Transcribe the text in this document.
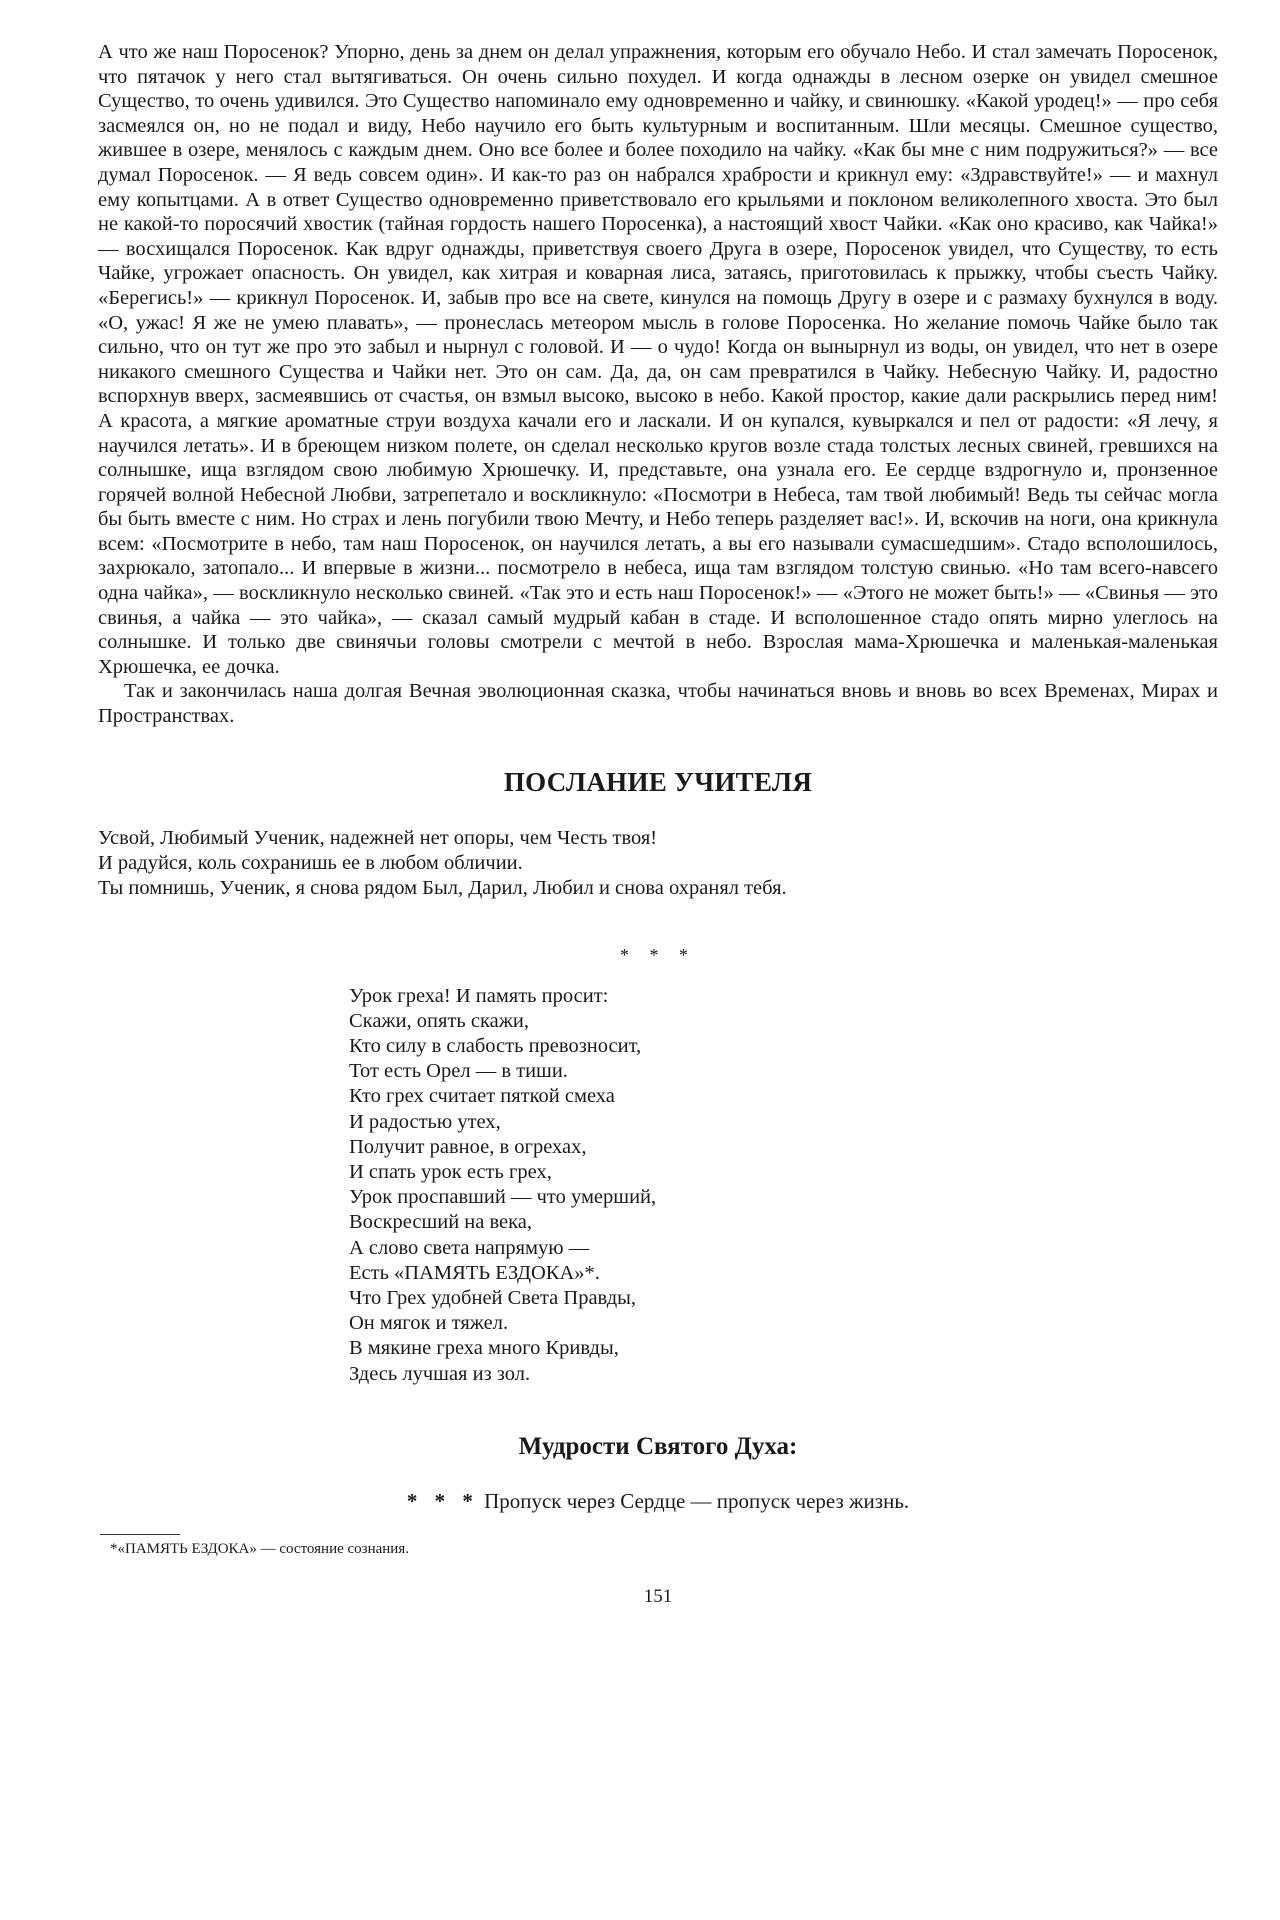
А что же наш Поросенок? Упорно, день за днем он делал упражнения, которым его обучало Небо. И стал замечать Поросенок, что пятачок у него стал вытягиваться. Он очень сильно похудел. И когда однажды в лесном озерке он увидел смешное Существо, то очень удивился. Это Существо напоминало ему одновременно и чайку, и свинюшку. «Какой уродец!» — про себя засмеялся он, но не подал и виду, Небо научило его быть культурным и воспитанным. Шли месяцы. Смешное существо, жившее в озере, менялось с каждым днем. Оно все более и более походило на чайку. «Как бы мне с ним подружиться?» — все думал Поросенок. — Я ведь совсем один». И как-то раз он набрался храбрости и крикнул ему: «Здравствуйте!» — и махнул ему копытцами. А в ответ Существо одновременно приветствовало его крыльями и поклоном великолепного хвоста. Это был не какой-то поросячий хвостик (тайная гордость нашего Поросенка), а настоящий хвост Чайки. «Как оно красиво, как Чайка!» — восхищался Поросенок. Как вдруг однажды, приветствуя своего Друга в озере, Поросенок увидел, что Существу, то есть Чайке, угрожает опасность. Он увидел, как хитрая и коварная лиса, затаясь, приготовилась к прыжку, чтобы съесть Чайку. «Берегись!» — крикнул Поросенок. И, забыв про все на свете, кинулся на помощь Другу в озере и с размаху бухнулся в воду. «О, ужас! Я же не умею плавать», — пронеслась метеором мысль в голове Поросенка. Но желание помочь Чайке было так сильно, что он тут же про это забыл и нырнул с головой. И — о чудо! Когда он вынырнул из воды, он увидел, что нет в озере никакого смешного Существа и Чайки нет. Это он сам. Да, да, он сам превратился в Чайку. Небесную Чайку. И, радостно вспорхнув вверх, засмеявшись от счастья, он взмыл высоко, высоко в небо. Какой простор, какие дали раскрылись перед ним! А красота, а мягкие ароматные струи воздуха качали его и ласкали. И он купался, кувыркался и пел от радости: «Я лечу, я научился летать». И в бреющем низком полете, он сделал несколько кругов возле стада толстых лесных свиней, гревшихся на солнышке, ища взглядом свою любимую Хрюшечку. И, представьте, она узнала его. Ее сердце вздрогнуло и, пронзенное горячей волной Небесной Любви, затрепетало и воскликнуло: «Посмотри в Небеса, там твой любимый! Ведь ты сейчас могла бы быть вместе с ним. Но страх и лень погубили твою Мечту, и Небо теперь разделяет вас!». И, вскочив на ноги, она крикнула всем: «Посмотрите в небо, там наш Поросенок, он научился летать, а вы его называли сумасшедшим». Стадо всполошилось, захрюкало, затопало... И впервые в жизни... посмотрело в небеса, ища там взглядом толстую свинью. «Но там всего-навсего одна чайка», — воскликнуло несколько свиней. «Так это и есть наш Поросенок!» — «Этого не может быть!» — «Свинья — это свинья, а чайка — это чайка», — сказал самый мудрый кабан в стаде. И всполошенное стадо опять мирно улеглось на солнышке. И только две свинячьи головы смотрели с мечтой в небо. Взрослая мама-Хрюшечка и маленькая-маленькая Хрюшечка, ее дочка.

Так и закончилась наша долгая Вечная эволюционная сказка, чтобы начинаться вновь и вновь во всех Временах, Мирах и Пространствах.

ПОСЛАНИЕ УЧИТЕЛЯ
Усвой, Любимый Ученик, надежней нет опоры, чем Честь твоя!
И радуйся, коль сохранишь ее в любом обличии.
Ты помнишь, Ученик, я снова рядом Был, Дарил, Любил и снова охранял тебя.
* * *
Урок греха! И память просит:
Скажи, опять скажи,
Кто силу в слабость превозносит,
Тот есть Орел — в тиши.
Кто грех считает пяткой смеха
И радостью утех,
Получит равное, в огрехах,
И спать урок есть грех,
Урок проспавший — что умерший,
Воскресший на века,
А слово света напрямую —
Есть «ПАМЯТЬ ЕЗДОКА»*.
Что Грех удобней Света Правды,
Он мягок и тяжел.
В мякине греха много Кривды,
Здесь лучшая из зол.
Мудрости Святого Духа:

* * * Пропуск через Сердце — пропуск через жизнь.

*«ПАМЯТЬ ЕЗДОКА» — состояние сознания.

151
